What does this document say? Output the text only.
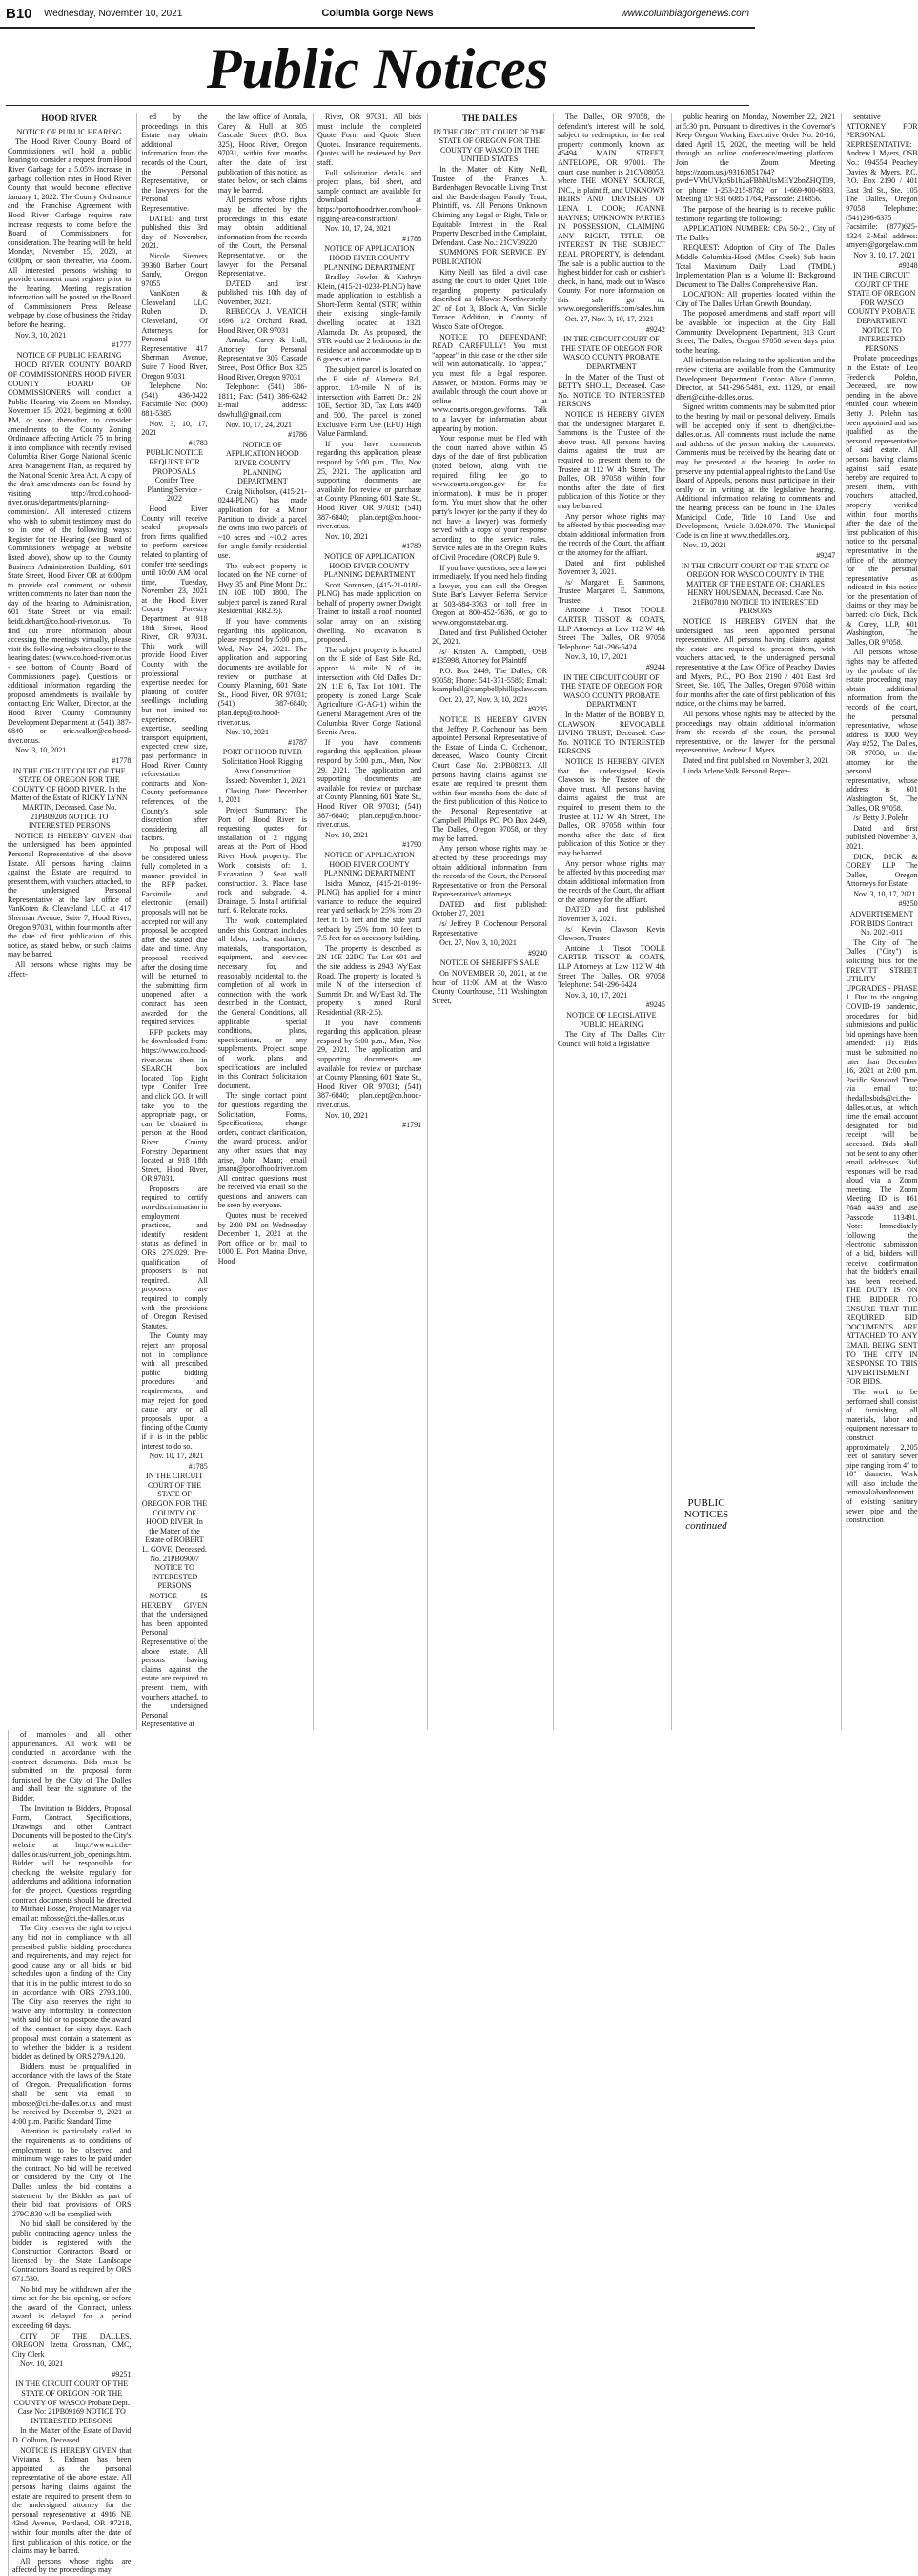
B10 Wednesday, November 10, 2021	Columbia Gorge News	www.columbiagorgenews.com
Public Notices
HOOD RIVER

NOTICE OF PUBLIC HEARING

The Hood River County Board of Commissioners will hold a public hearing to consider a request from Hood River Garbage for a 5.05% increase in garbage collection rates in Hood River County that would become effective January 1, 2022. The County Ordinance and the Franchise Agreement with Hood River Garbage requires rate increase requests to come before the Board of Commissioners for consideration. The hearing will be held Monday, November 15, 2020, at 6:00pm, or soon thereafter, via Zoom. All interested persons wishing to provide comment must register prior to the hearing. Meeting registration information will be posted on the Board of Commissioners Press Release webpage by close of business the Friday before the hearing.

Nov. 3, 10, 2021

#1777

NOTICE OF PUBLIC HEARING

HOOD RIVER COUNTY BOARD OF COMMISSIONERS HOOD RIVER COUNTY BOARD OF COMMISSIONERS will conduct a Public Hearing via Zoom on Monday, November 15, 2021, beginning at 6:00 PM, or soon thereafter, to consider amendments to the County Zoning Ordinance affecting Article 75 to bring it into compliance with recently revised Columbia River Gorge National Scenic Area Management Plan, as required by the National Scenic Area Act. A copy of the draft amendments can be found by visiting http://hrcd.co.hood-river.or.us/departments/planning-commission/. All interested citizens who wish to submit testimony must do so in one of the following ways: Register for the Hearing (see Board of Commissioners webpage at website listed above), show up to the County Business Administration Building, 601 State Street, Hood River OR at 6:00pm to provide oral comment, or submit written comments no later than noon the day of the hearing to Administration, 601 State Street or via email: heidi.dehart@co.hood-river.or.us. To find out more information about accessing the meetings virtually, please visit the following websites closer to the hearing dates: (www.co.hood-river.or.us - see bottom of County Board of Commissioners page). Questions or additional information regarding the proposed amendments is available by contacting Eric Walker, Director, at the Hood River County Community Development Department at (541) 387-6840 or eric.walker@co.hood-river.or.us.

Nov. 3, 10, 2021

#1778

IN THE CIRCUIT COURT OF THE STATE OF OREGON FOR THE COUNTY OF HOOD RIVER. In the Matter of the Estate of RICKY LYNN MARTIN, Deceased. Case No. 21PB09208 NOTICE TO INTERESTED PERSONS

NOTICE IS HEREBY GIVEN that the undersigned has been appointed Personal Representative of the above Estate. All persons having claims against the Estate are required to present them, with vouchers attached, to the undersigned Personal Representative at the law office of VanKoten & Cleaveland LLC at 417 Sherman Avenue, Suite 7, Hood River, Oregon 97031, within four months after the date of first publication of this notice, as stated below, or such claims may be barred.

All persons whose rights may be affect-

ed by the proceedings in this Estate may obtain additional information from the records of the Court, the Personal Representative, or the lawyers for the Personal Representative.

DATED and first published this 3rd day of November, 2021.

Nicole Siemers 39360 Barber Court Sandy, Oregon 97055

VanKoten & Cleaveland LLC Ruben D. Cleaveland, Of Attorneys for Personal Representative 417 Sherman Avenue, Suite 7 Hood River, Oregon 97031

Telephone No: (541) 436-3422 Facsimile No: (800) 881-5385

Nov. 3, 10, 17, 2021

#1783

PUBLIC NOTICE REQUEST FOR PROPOSALS Conifer Tree Planting Service - 2022

Hood River County will receive sealed proposals from firms qualified to perform services related to planting of conifer tree seedlings until 10:00 AM local time, Tuesday, November 23, 2021 at the Hood River County Forestry Department at 918 18th Street, Hood River, OR 97031. This work will provide Hood River County with the professional expertise needed for planting of conifer seedlings including but not limited to: experience, expertise, seedling transport equipment, expected crew size, past performance in Hood River County reforestation contracts and Non-County performance references, of the County's sole discretion after considering all factors.

No proposal will be considered unless fully completed in a manner provided in the RFP packet. Facsimile and electronic (email) proposals will not be accepted nor will any proposal be accepted after the stated due date and time. Any proposal received after the closing time will be returned to the submitting firm unopened after a contract has been awarded for the required services.

RFP packets may be downloaded from: https://www.co.hood-river.or.us then in SEARCH box located Top Right type Conifer Tree and click GO. It will take you to the appropriate page, or can be obtained in person at the Hood River County Forestry Department located at 918 18th Street, Hood River, OR 97031.

Proposers are required to certify non-discrimination in employment practices, and identify resident status as defined in ORS 279.029. Pre-qualification of proposers is not required. All proposers are required to comply with the provisions of Oregon Revised Statutes.

The County may reject any proposal not in compliance with all prescribed public bidding procedures and requirements, and may reject for good cause any or all proposals upon a finding of the County if it is in the public interest to do so.

Nov. 10, 17, 2021

#1785

IN THE CIRCUIT COURT OF THE STATE OF OREGON FOR THE COUNTY OF HOOD RIVER. In the Matter of the Estate of ROBERT L. GOVE, Deceased. No. 21PB09007 NOTICE TO INTERESTED PERSONS

NOTICE IS HEREBY GIVEN that the undersigned has been appointed Personal Representative of the above estate. All persons having claims against the estate are required to present them, with vouchers attached, to the undersigned Personal Representative at

the law office of Annala, Carey & Hull at 305 Cascade Street (P.O. Box 325), Hood River, Oregon 97031, within four months after the date of first publication of this notice, as stated below, or such claims may be barred.

All persons whose rights may be affected by the proceedings in this estate may obtain additional information from the records of the Court, the Personal Representative, or the lawyer for the Personal Representative.

DATED and first published this 10th day of November, 2021.

REBECCA J. VEATCH 1696 1/2 Orchard Road, Hood River, OR 97031

Annala, Carey & Hull, Attorney for Personal Representative 305 Cascade Street, Post Office Box 325 Hood River, Oregon 97031

Telephone: (541) 386-1811; Fax: (541) 386-6242 E-mail address: dswhull@gmail.com

Nov. 10, 17, 24, 2021

#1786

NOTICE OF APPLICATION HOOD RIVER COUNTY PLANNING DEPARTMENT

Craig Nicholson, (415-21-0244-PLNG) has made application for a Minor Partition to divide a parcel fie owns into two parcels of ~10 acres and ~10.2 acres for single-family residential use.

The subject property is located on the NE corner of Hwy 35 and Pine Mont Dr.: 1N 10E 10D 1800. The subject parcel is zoned Rural Residential (RR2.½).

If you have comments regarding this application, please respond by 5:00 p.m., Wed, Nov 24, 2021. The application and supporting documents are available for review or purchase at County Planning, 601 State St., Hood River, OR 97031; (541) 387-6840; plan.dept@co.hood-river.or.us.

Nov. 10, 2021

#1787

PORT OF HOOD RIVER Solicitation Hook Rigging Area Construction

Issued: November 1, 2021

Closing Date: December 1, 2021

Project Summary: The Port of Hood River is requesting quotes for installation of 2 rigging areas at the Port of Hood River Hook property. The Work consists of: 1. Excavation 2. Seat wall construction. 3. Place base rock and subgrade. 4. Drainage. 5. Install artificial turf. 6. Relocate rocks.

The work contemplated under this Contract includes all labor, tools, machinery, materials, transportation, equipment, and services necessary for, and reasonably incidental to, the completion of all work in connection with the work described in the Contract, the General Conditions, all applicable special conditions, plans, specifications, or any supplements. Project scope of work, plans and specifications are included in this Contract Solicitation document.

The single contact point for questions regarding the Solicitation, Forms, Specifications, change orders, contract clarification, the award process, and/or any other issues that may arise, John Mann; email jmann@portofhoodriver.com All contract questions must be received via email so the questions and answers can be seen by everyone.

Quotes must be received by 2:00 PM on Wednesday December 1, 2021 at the Port office or by mail to 1000 E. Port Marina Drive, Hood

River, OR 97031. All bids must include the completed Quote Form and Quote Sheet Quotes. Insurance requirements. Quotes will be reviewed by Port staff.

Full solicitation details and project plans, bid sheet, and sample contract are available for download at https://portofhoodriver.com/hook-rigging-area-construction/.

Nov. 10, 17, 24, 2021

#1788

NOTICE OF APPLICATION HOOD RIVER COUNTY PLANNING DEPARTMENT

Bradley Fowler & Kathryn Klein, (415-21-0233-PLNG) have made application to establish a Short-Term Rental (STR) within their existing single-family dwelling located at 1321 Alameda Dr. As proposed, the STR would use 2 bedrooms in the residence and accommodate up to 6 guests at a time.

The subject parcel is located on the E side of Alameda Rd., approx. 1/3-mile N of its intersection with Barrett Dr.: 2N 10E, Section 3D, Tax Lots #400 and 500. The parcel is zoned Exclusive Farm Use (EFU) High Value Farmland.

If you have comments regarding this application, please respond by 5:00 p.m., Thu, Nov 25, 2021. The application and supporting documents are available for review or purchase at County Planning, 601 State St., Hood River, OR 97031; (541) 387-6840; plan.dept@co.hood-river.or.us.

Nov. 10, 2021

#1789

NOTICE OF APPLICATION HOOD RIVER COUNTY PLANNING DEPARTMENT

Scott Sorensen, (415-21-0188-PLNG) has made application on behalf of property owner Dwight Trainer to install a roof mounted solar array on an existing dwelling. No excavation is proposed.

The subject property is located on the E side of East Side Rd., approx. ¼ mile N of its intersection with Old Dalles Dr.: 2N 11E 6, Tax Lot 1001. The property is zoned Large Scale Agriculture (G-AG-1) within the General Management Area of the Columbia River Gorge National Scenic Area.

If you have comments regarding this application, please respond by 5:00 p.m., Mon, Nov 29, 2021. The application and supporting documents are available for review or purchase at County Planning, 601 State St., Hood River, OR 97031; (541) 387-6840; plan.dept@co.hood-river.or.us.

Nov. 10, 2021

#1790

NOTICE OF APPLICATION HOOD RIVER COUNTY PLANNING DEPARTMENT

Isidra Munoz, (415-21-0199-PLNG) has applied for a minor variance to reduce the required rear yard setback by 25% from 20 feet to 15 feet and the side yard setback by 25% from 10 feet to 7.5 feet for an accessory building.

The property is described as 2N 10E 22DC Tax Lot 601 and the site address is 2943 Wy'East Road. The property is located ¼ mile N of the intersection of Summit Dr. and Wy'East Rd. The property is zoned Rural Residential (RR-2.5).

If you have comments regarding this application, please respond by 5:00 p.m., Mon, Nov 29, 2021. The application and supporting documents are available for review or purchase at County Planning, 601 State St., Hood River, OR 97031; (541) 387-6840; plan.dept@co.hood-river.or.us.

Nov. 10, 2021

#1791

THE DALLES

IN THE CIRCUIT COURT OF THE STATE OF OREGON FOR THE COUNTY OF WASCO IN THE UNITED STATES

In the Matter of: Kitty Neill, Trustee of the Frances A. Bardenhagen Revocable Living Trust and the Bardenhagen Family Trust, Plaintiff, vs. All Persons Unknown Claiming any Legal or Right, Title or Equitable Interest in the Real Property Described in the Complaint, Defendant. Case No.: 21CV39220

SUMMONS FOR SERVICE BY PUBLICATION

Kitty Neill has filed a civil case asking the court to order Quiet Title regarding property particularly described as follows: Northwesterly 20' of Lot 3, Block A, Van Sickle Terrace Addition, in County of Wasco State of Oregon.

NOTICE TO DEFENDANT: READ CAREFULLY! You must "appear" in this case or the other side will win automatically. To "appear," you must file a legal response. Answer, or Motion. Forms may be available through the court above or online at www.courts.oregon.gov/forms. Talk to a lawyer for information about appearing by motion.

Your response must be filed with the court named above within 45 days of the date of first publication (noted below), along with the required filing fee (go to www.courts.oregon.gov for fee information). It must be in proper form. You must show that the other party's lawyer (or the party if they do not have a lawyer) was formerly served with a copy of your response according to the service rules. Service rules are in the Oregon Rules of Civil Procedure (ORCP) Rule 9.

If you have questions, see a lawyer immediately. If you need help finding a lawyer, you can call the Oregon State Bar's Lawyer Referral Service at 503-684-3763 or toll free in Oregon at 800-452-7636, or go to www.oregonstatebar.org.

Dated and first Published October 20, 2021.

/s/ Kristen A. Campbell, OSB #135998, Attorney for Plaintiff

P.O. Box 2449, The Dalles, OR 97058; Phone: 541-371-5585; Email: kcampbell@campbellphillipslaw.com

Oct. 20, 27, Nov. 3, 10, 2021

#9235

NOTICE IS HEREBY GIVEN that Jeffrey P. Cochenour has been appointed Personal Representative of the Estate of Linda C. Cochenour, deceased, Wasco County Circuit Court Case No. 21PB08213. All persons having claims against the estate are required to present them within four months from the date of the first publication of this Notice to the Personal Representative at Campbell Phillips PC, PO Box 2449, The Dalles, Oregon 97058, or they may be barred.

Any person whose rights may be affected by these proceedings may obtain additional information from the records of the Court, the Personal Representative or from the Personal Representative's attorneys.

DATED and first published: October 27, 2021

/s/ Jeffrey P. Cochenour Personal Representative

Oct. 27, Nov. 3, 10, 2021

#9240

NOTICE OF SHERIFF'S SALE

On NOVEMBER 30, 2021, at the hour of 11:00 AM at the Wasco County Courthouse, 511 Washington Street,

The Dalles, OR 97058, the defendant's interest will be sold, subject to redemption, in the real property commonly known as: 45494 MAIN STREET, ANTELOPE, OR 97001. The court case number is 21CV08053, where THE MONEY SOURCE, INC., is plaintiff, and UNKNOWN HEIRS AND DEVISEES OF LENA I. COOK; JOANNE HAYNES; UNKNOWN PARTIES IN POSSESSION, CLAIMING ANY RIGHT, TITLE, OR INTEREST IN THE SUBJECT REAL PROPERTY, is defendant. The sale is a public auction to the highest bidder for cash or cashier's check, in hand, made out to Wasco County. For more information on this sale go to: www.oregonsheriffs.com/sales.htm

Oct. 27, Nov. 3, 10, 17, 2021

#9242

IN THE CIRCUIT COURT OF THE STATE OF OREGON FOR WASCO COUNTY PROBATE DEPARTMENT

In the Matter of the Trust of: BETTY SHOLL, Deceased. Case No. NOTICE TO INTERESTED PERSONS

NOTICE IS HEREBY GIVEN that the undersigned Margaret E. Sammons is the Trustee of the above trust. All persons having claims against the trust are required to present them to the Trustee at 112 W 4th Street, The Dalles, OR 97058 within four months after the date of first publication of this Notice or they may be barred.

Any person whose rights may be affected by this proceeding may obtain additional information from the records of the Court, the affiant or the attorney for the affiant.

Dated and first published November 3, 2021.

/s/ Margaret E. Sammons, Trustee Margaret E. Sammons, Trustee

Antoine J. Tissot TOOLE CARTER TISSOT & COATS, LLP Attorneys at Law 112 W 4th Street The Dalles, OR 97058 Telephone: 541-296-5424

Nov. 3, 10, 17, 2021

#9244

IN THE CIRCUIT COURT OF THE STATE OF OREGON FOR WASCO COUNTY PROBATE DEPARTMENT

In the Matter of the BOBBY D. CLAWSON REVOCABLE LIVING TRUST, Deceased. Case No. NOTICE TO INTERESTED PERSONS

NOTICE IS HEREBY GIVEN that the undersigned Kevin Clawson is the Trustee of the above trust. All persons having claims against the trust are required to present them to the Trustee at 112 W 4th Street, The Dalles, OR 97058 within four months after the date of first publication of this Notice or they may be barred.

Any person whose rights may be affected by this proceeding may obtain additional information from the records of the Court, the affiant or the attorney for the affiant.

DATED and first published November 3, 2021.

/s/ Kevin Clawson Kevin Clawson, Trustee

Antoine J. Tissot TOOLE CARTER TISSOT & COATS, LLP Attorneys at Law 112 W 4th Street The Dalles, OR 97058 Telephone: 541-296-5424

Nov. 3, 10, 17, 2021

#9245

NOTICE OF LEGISLATIVE PUBLIC HEARING

The City of The Dalles City Council will hold a legislative

public hearing on Monday, November 22, 2021 at 5:30 pm. Pursuant to directives in the Governor's Keep Oregon Working Executive Order No. 20-16, dated April 15, 2020, the meeting will be held through an online conference/meeting platform. Join the Zoom Meeting https://zoom.us/j/93160851764?pwd=VVhUVkpSb1h2aFBhbUtsMEY2bnZHQT09, or phone 1-253-215-8782 or 1-669-900-6833. Meeting ID: 931 6085 1764, Passcode: 216856.

The purpose of the hearing is to receive public testimony regarding the following:

APPLICATION NUMBER: CPA 50-21, City of The Dalles

REQUEST: Adoption of City of The Dalles Middle Columbia-Hood (Miles Creek) Sub basin Total Maximum Daily Load (TMDL) Implementation Plan as a Volume II: Background Document to The Dalles Comprehensive Plan.

LOCATION: All properties located within the City of The Dalles Urban Growth Boundary.

The proposed amendments and staff report will be available for inspection at the City Hall Community Development Department, 313 Court Street, The Dalles, Oregon 97058 seven days prior to the hearing.

All information relating to the application and the review criteria are available from the Community Development Department. Contact Alice Cannon, Director, at 541-296-5481, ext. 1129, or email dhert@ci.the-dalles.or.us.

Signed written comments may be submitted prior to the hearing by mail or personal delivery. Emails will be accepted only if sent to dhert@ci.the-dalles.or.us. All comments must include the name and address of the person making the comments. Comments must be received by the hearing date or may be presented at the hearing. In order to preserve any potential appeal rights to the Land Use Board of Appeals, persons must participate in their orally or in writing at the legislative hearing. Additional information relating to comments and the hearing process can be found in The Dalles Municipal Code, Title 10 Land Use and Development, Article 3.020.070. The Municipal Code is on line at www.thedalles.org.

Nov. 10, 2021

#9247

IN THE CIRCUIT COURT OF THE STATE OF OREGON FOR WASCO COUNTY IN THE MATTER OF THE ESTATE OF: CHARLES HENRY HOUSEMAN, Deceased. Case No. 21PB07810 NOTICE TO INTERESTED PERSONS

NOTICE IS HEREBY GIVEN that the undersigned has been appointed personal representative. All persons having claims against the estate are required to present them, with vouchers attached, to the undersigned personal representative at the Law Office of Peachey Davies and Myers, P.C., PO Box 2190 / 401 East 3rd Street, Ste. 105, The Dalles, Oregon 97058 within four months after the date of first publication of this notice, or the claims may be barred.

All persons whose rights may be affected by the proceedings may obtain additional information from the records of the court, the personal representative, or the lawyer for the personal representative, Andrew J. Myers.

Dated and first published on November 3, 2021

Linda Arlene Volk Personal Repre-

sentative ATTORNEY FOR PERSONAL REPRESENTATIVE: Andrew J. Myers, OSB No.: 094554 Peachey Davies & Myers, P.C. P.O. Box 2190 / 401 East 3rd St., Ste. 105 The Dalles, Oregon 97058 Telephone: (541)296-6375 Facsimile: (877)625-4324 E-Mail address: amyers@gorgelaw.com

Nov. 3, 10, 17, 2021

#9248

IN THE CIRCUIT COURT OF THE STATE OF OREGON FOR WASCO COUNTY PROBATE DEPARTMENT NOTICE TO INTERESTED PERSONS

Probate proceedings in the Estate of Leo Frederick Polehn, Deceased, are now pending in the above entitled court wherein Betty J. Polehn has been appointed and has qualified as the personal representative of said estate. All persons having claims against said estate hereby are required to present them, with vouchers attached, properly verified within four months after the date of the first publication of this notice to the personal representative in the office of the attorney for the personal representative as indicated in this notice for the presentation of claims or they may be barred: c/o Dick, Dick & Corey, LLP, 601 Washington, The Dalles, OR 97058.

All persons whose rights may be affected by the probate of the estate proceeding may obtain additional information from the records of the court, the personal representative, whose address is 1000 Wey Way #252, The Dalles, OR 97058, or the attorney for the personal representative, whose address is 601 Washington St, The Dalles, OR 97058.

/s/ Betty J. Polehn

Dated and first published November 3, 2021.

DICK, DICK & COREY LLP The Dalles, Oregon Attorneys for Estate

Nov. 3, 10, 17, 2021

#9250

ADVERTISEMENT FOR BIDS Contract No. 2021-011

The City of The Dalles ("City") is soliciting bids for the TREVITT STREET UTILITY UPGRADES - PHASE 1. Due to the ongoing COVID-19 pandemic, procedures for bid submissions and public bid openings have been amended: (1) Bids must be submitted no later than December 16, 2021 at 2:00 p.m. Pacific Standard Time via email to: thedallesbids@ci.the-dalles.or.us, at which time the email account designated for bid receipt will be accessed. Bids shall not be sent to any other email addresses. Bid responses will be read aloud via a Zoom meeting. The Zoom Meeting ID is 861 7648 4439 and use Passcode 113491. Note: Immediately following the electronic submission of a bid, bidders will receive confirmation that the bidder's email has been received. THE DUTY IS ON THE BIDDER TO ENSURE THAT THE REQUIRED BID DOCUMENTS ARE ATTACHED TO ANY EMAIL BEING SENT TO THE CITY IN RESPONSE TO THIS ADVERTISEMENT FOR BIDS.

The work to be performed shall consist of furnishing all materials, labor and equipment necessary to construct approximately 2,205 feet of sanitary sewer pipe ranging from 4" to 10" diameter. Work will also include the removal/abandonment of existing sanitary sewer pipe and the construction

of manholes and all other appurtenances. All work will be conducted in accordance with the contract documents. Bids must be submitted on the proposal form furnished by the City of The Dalles and shall bear the signature of the Bidder.

The Invitation to Bidders, Proposal Form, Contract, Specifications, Drawings and other Contract Documents will be posted to the City's website at http://www.ci.the-dalles.or.us/current_job_openings.htm. Bidder will be responsible for checking the website regularly for addendums and additional information for the project. Questions regarding contract documents should be directed to Michael Bosse, Project Manager via email at: mbosse@ci.the-dalles.or.us

The City reserves the right to reject any bid not in compliance with all prescribed public bidding procedures and requirements, and may reject for good cause any or all bids or bid schedules upon a finding of the City that it is in the public interest to do so in accordance with ORS 279B.100. The City also reserves the right to waive any informality in connection with said bid or to postpone the award of the contract for sixty days. Each proposal must contain a statement as to whether the bidder is a resident bidder as defined by ORS 279A.120.

Bidders must be prequalified in accordance with the laws of the State of Oregon. Prequalification forms shall be sent via email to mbosse@ci.the-dalles.or.us and must be received by December 9, 2021 at 4:00 p.m. Pacific Standard Time.

Attention is particularly called to the requirements as to conditions of employment to be observed and minimum wage rates to be paid under the contract. No bid will be received or considered by the City of The Dalles unless the bid contains a statement by the Bidder as part of their bid that provisions of ORS 279C.830 will be complied with.

No bid shall be considered by the public contracting agency unless the bidder is registered with the Construction Contractors Board or licensed by the State Landscape Contractors Board as required by ORS 671.530.

No bid may be withdrawn after the time set for the bid opening, or before the award of the Contract, unless award is delayed for a period exceeding 60 days.

CITY OF THE DALLES, OREGON Izetta Grossman, CMC, City Clerk

Nov. 10, 2021

#9251

IN THE CIRCUIT COURT OF THE STATE OF OREGON FOR THE COUNTY OF WASCO Probate Dept. Case No: 21PB09169 NOTICE TO INTERESTED PERSONS

In the Matter of the Estate of David D. Colburn, Deceased.

NOTICE IS HEREBY GIVEN that Vivianna S. Erdman has been appointed as the personal representative of the above estate. All persons having claims against the estate are required to present them to the undersigned attorney for the personal representative at 4916 NE 42nd Avenue, Portland, OR 97218, within four months after the date of first publication of this notice, or the claims may be barred.

All persons whose rights are affected by the proceedings may

PUBLIC NOTICES
continued
